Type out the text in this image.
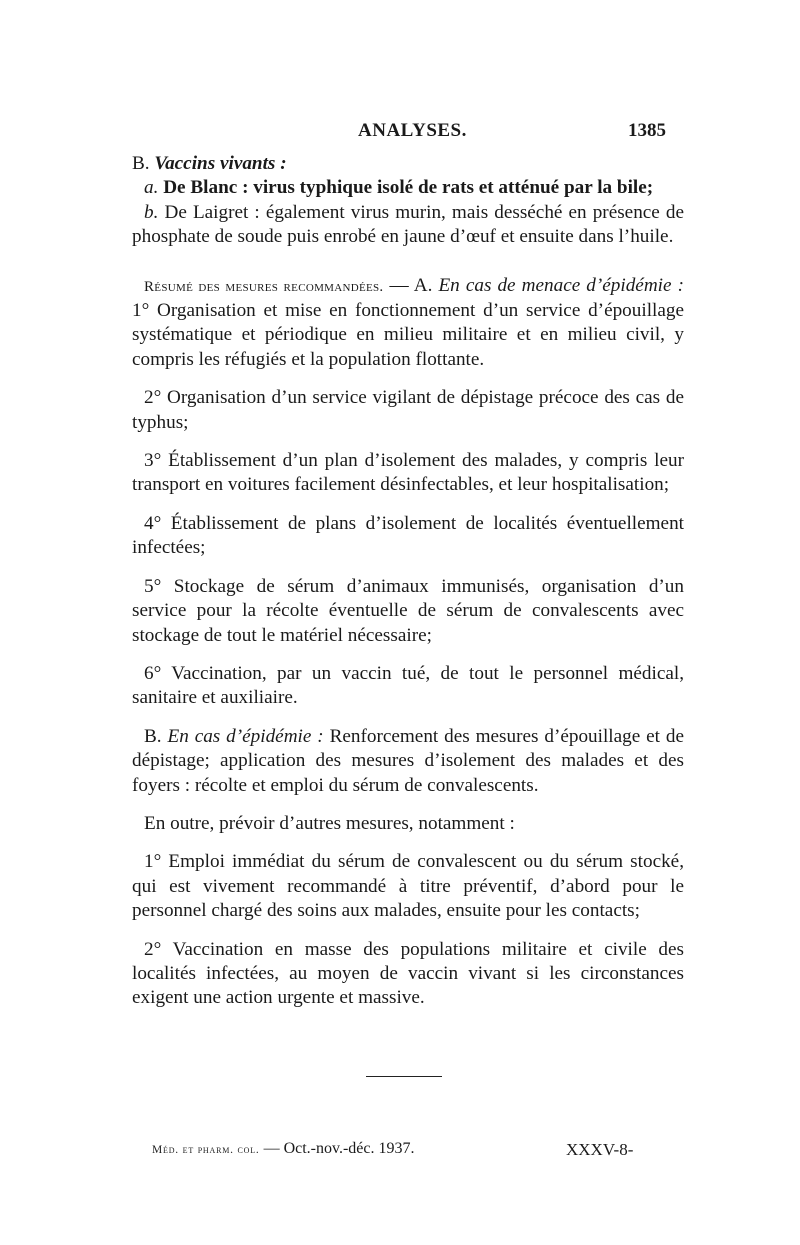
ANALYSES.	1385

B. Vaccins vivants :

a. De Blanc : virus typhique isolé de rats et atténué par la bile;

b. De Laigret : également virus murin, mais desséché en présence de phosphate de soude puis enrobé en jaune d’œuf et ensuite dans l’huile.

Résumé des mesures recommandées. — A. En cas de menace d’épidémie : 1° Organisation et mise en fonctionnement d’un service d’épouillage systématique et périodique en milieu militaire et en milieu civil, y compris les réfugiés et la population flottante.

2° Organisation d’un service vigilant de dépistage précoce des cas de typhus;

3° Établissement d’un plan d’isolement des malades, y compris leur transport en voitures facilement désinfectables, et leur hospitalisation;

4° Établissement de plans d’isolement de localités éventuellement infectées;

5° Stockage de sérum d’animaux immunisés, organisation d’un service pour la récolte éventuelle de sérum de convalescents avec stockage de tout le matériel nécessaire;

6° Vaccination, par un vaccin tué, de tout le personnel médical, sanitaire et auxiliaire.

B. En cas d’épidémie : Renforcement des mesures d’épouillage et de dépistage; application des mesures d’isolement des malades et des foyers : récolte et emploi du sérum de convalescents.

En outre, prévoir d’autres mesures, notamment :

1° Emploi immédiat du sérum de convalescent ou du sérum stocké, qui est vivement recommandé à titre préventif, d’abord pour le personnel chargé des soins aux malades, ensuite pour les contacts;

2° Vaccination en masse des populations militaire et civile des localités infectées, au moyen de vaccin vivant si les circonstances exigent une action urgente et massive.

Méd. et pharm. col. — Oct.-nov.-déc. 1937.	XXXV-8-
